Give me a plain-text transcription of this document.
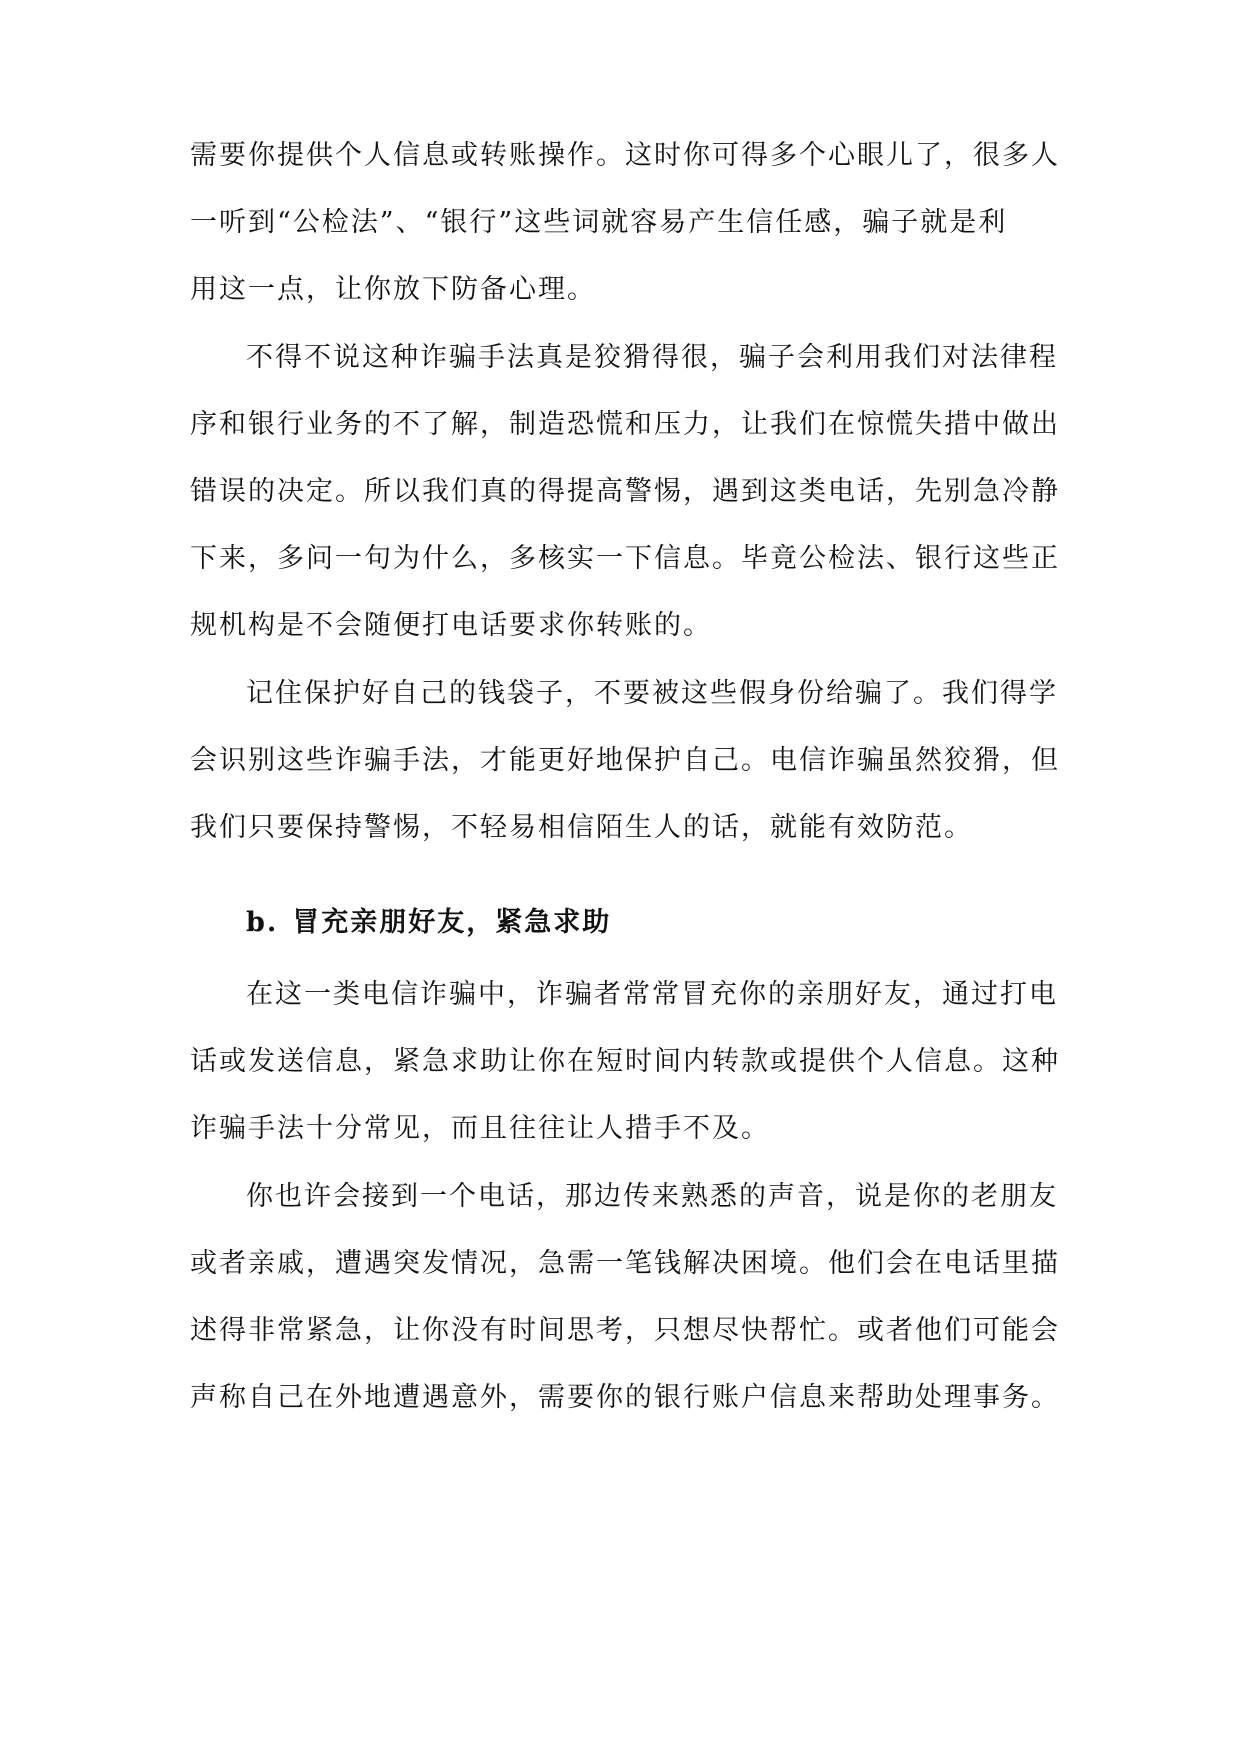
需要你提供个人信息或转账操作。这时你可得多个心眼儿了，很多人
一听到“公检法”、“银行”这些词就容易产生信任感，骗子就是利
用这一点，让你放下防备心理。
不得不说这种诈骗手法真是狡猾得很，骗子会利用我们对法律程
序和银行业务的不了解，制造恐慌和压力，让我们在惊慌失措中做出
错误的决定。所以我们真的得提高警惕，遇到这类电话，先别急冷静
下来，多问一句为什么，多核实一下信息。毕竟公检法、银行这些正
规机构是不会随便打电话要求你转账的。
记住保护好自己的钱袋子，不要被这些假身份给骗了。我们得学
会识别这些诈骗手法，才能更好地保护自己。电信诈骗虽然狡猾，但
我们只要保持警惕，不轻易相信陌生人的话，就能有效防范。
b. 冒充亲朋好友，紧急求助
在这一类电信诈骗中，诈骗者常常冒充你的亲朋好友，通过打电
话或发送信息，紧急求助让你在短时间内转款或提供个人信息。这种
诈骗手法十分常见，而且往往让人措手不及。
你也许会接到一个电话，那边传来熟悉的声音，说是你的老朋友
或者亲戚，遭遇突发情况，急需一笔钱解决困境。他们会在电话里描
述得非常紧急，让你没有时间思考，只想尽快帮忙。或者他们可能会
声称自己在外地遭遇意外，需要你的银行账户信息来帮助处理事务。
